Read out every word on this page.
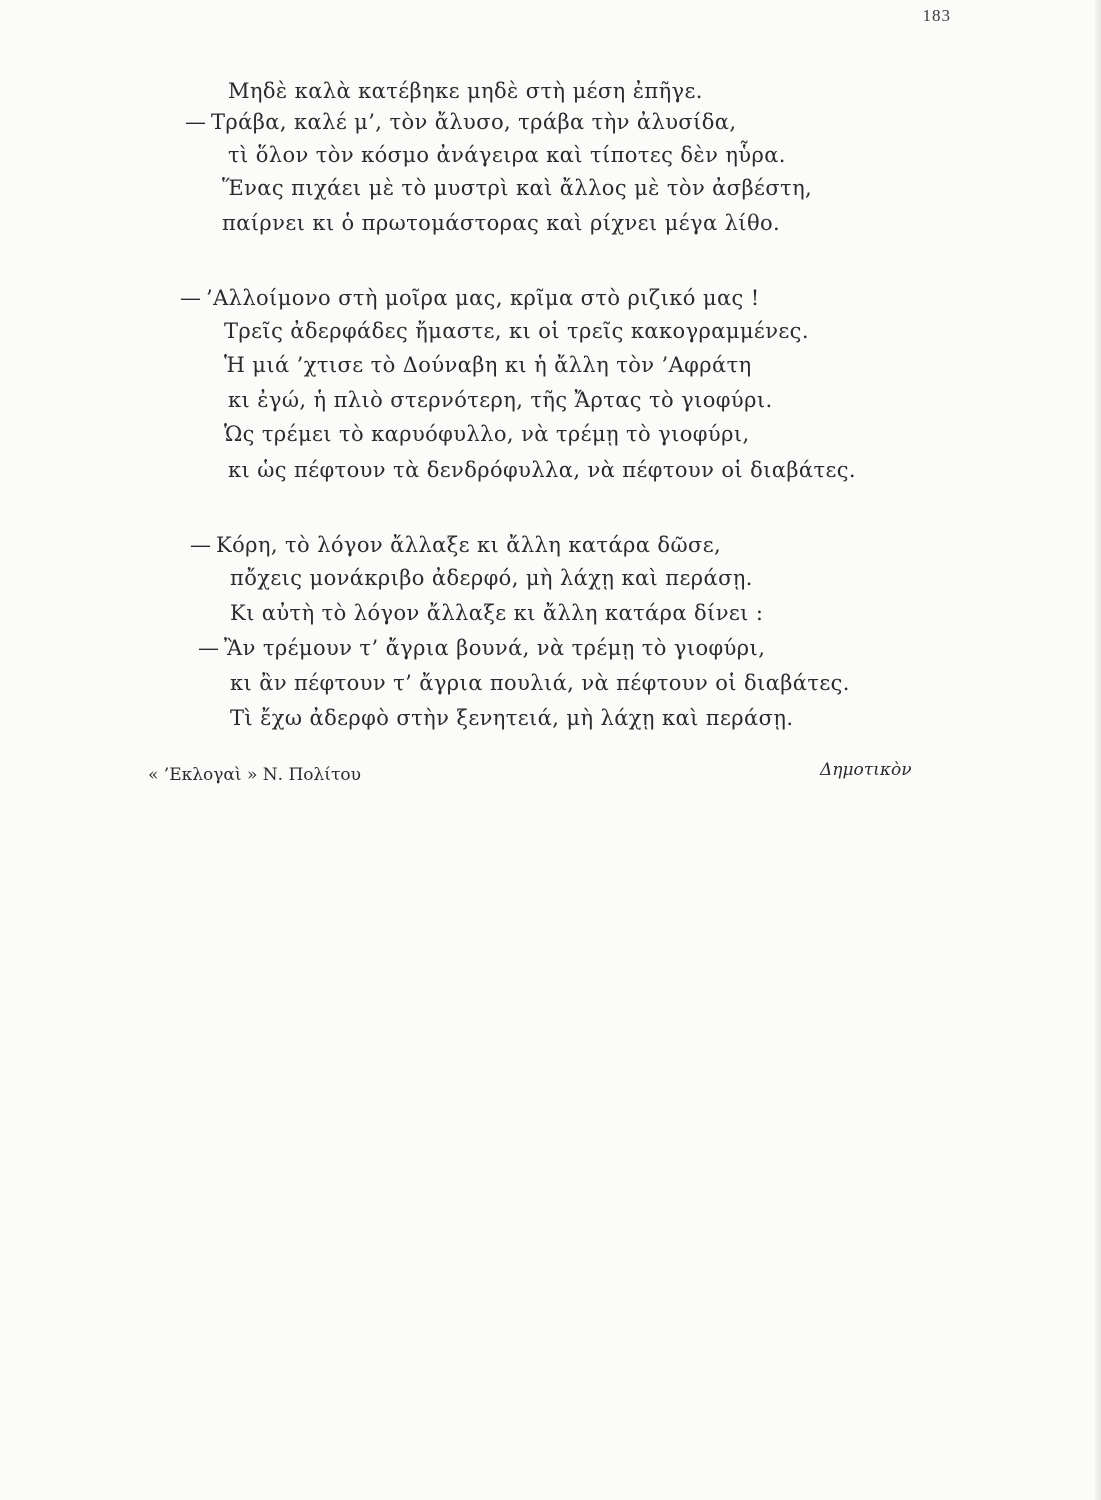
183
Μηδὲ καλὰ κατέβηκε μηδὲ στὴ μέση ἐπῆγε.
— Τράβα, καλέ μ’, τὸν ἄλυσο, τράβα τὴν ἀλυσίδα,
τὶ ὅλον τὸν κόσμο ἀνάγειρα καὶ τίποτες δὲν ηὗρα.
Ἕνας πιχάει μὲ τὸ μυστρὶ καὶ ἄλλος μὲ τὸν ἀσβέστη,
παίρνει κι ὁ πρωτομάστορας καὶ ρίχνει μέγα λίθο.
— ’Αλλοίμονο στὴ μοῖρα μας, κρῖμα στὸ ριζικό μας !
Τρεῖς ἀδερφάδες ἤμαστε, κι οἱ τρεῖς κακογραμμένες.
Ἡ μιά ’χτισε τὸ Δούναβη κι ἡ ἄλλη τὸν ’Αφράτη
κι ἐγώ, ἡ πλιὸ στερνότερη, τῆς Ἄρτας τὸ γιοφύρι.
Ὡς τρέμει τὸ καρυόφυλλο, νὰ τρέμῃ τὸ γιοφύρι,
κι ὡς πέφτουν τὰ δενδρόφυλλα, νὰ πέφτουν οἱ διαβάτες.
— Κόρη, τὸ λόγον ἄλλαξε κι ἄλλη κατάρα δῶσε,
πὄχεις μονάκριβο ἀδερφό, μὴ λάχῃ καὶ περάσῃ.
Κι αὐτὴ τὸ λόγον ἄλλαξε κι ἄλλη κατάρα δίνει :
— Ἂν τρέμουν τ’ ἄγρια βουνά, νὰ τρέμῃ τὸ γιοφύρι,
κι ἂν πέφτουν τ’ ἄγρια πουλιά, νὰ πέφτουν οἱ διαβάτες.
Τὶ ἔχω ἀδερφὸ στὴν ξενητειά, μὴ λάχῃ καὶ περάσῃ.
« ’Εκλογαὶ » Ν. Πολίτου	Δημοτικὸν
